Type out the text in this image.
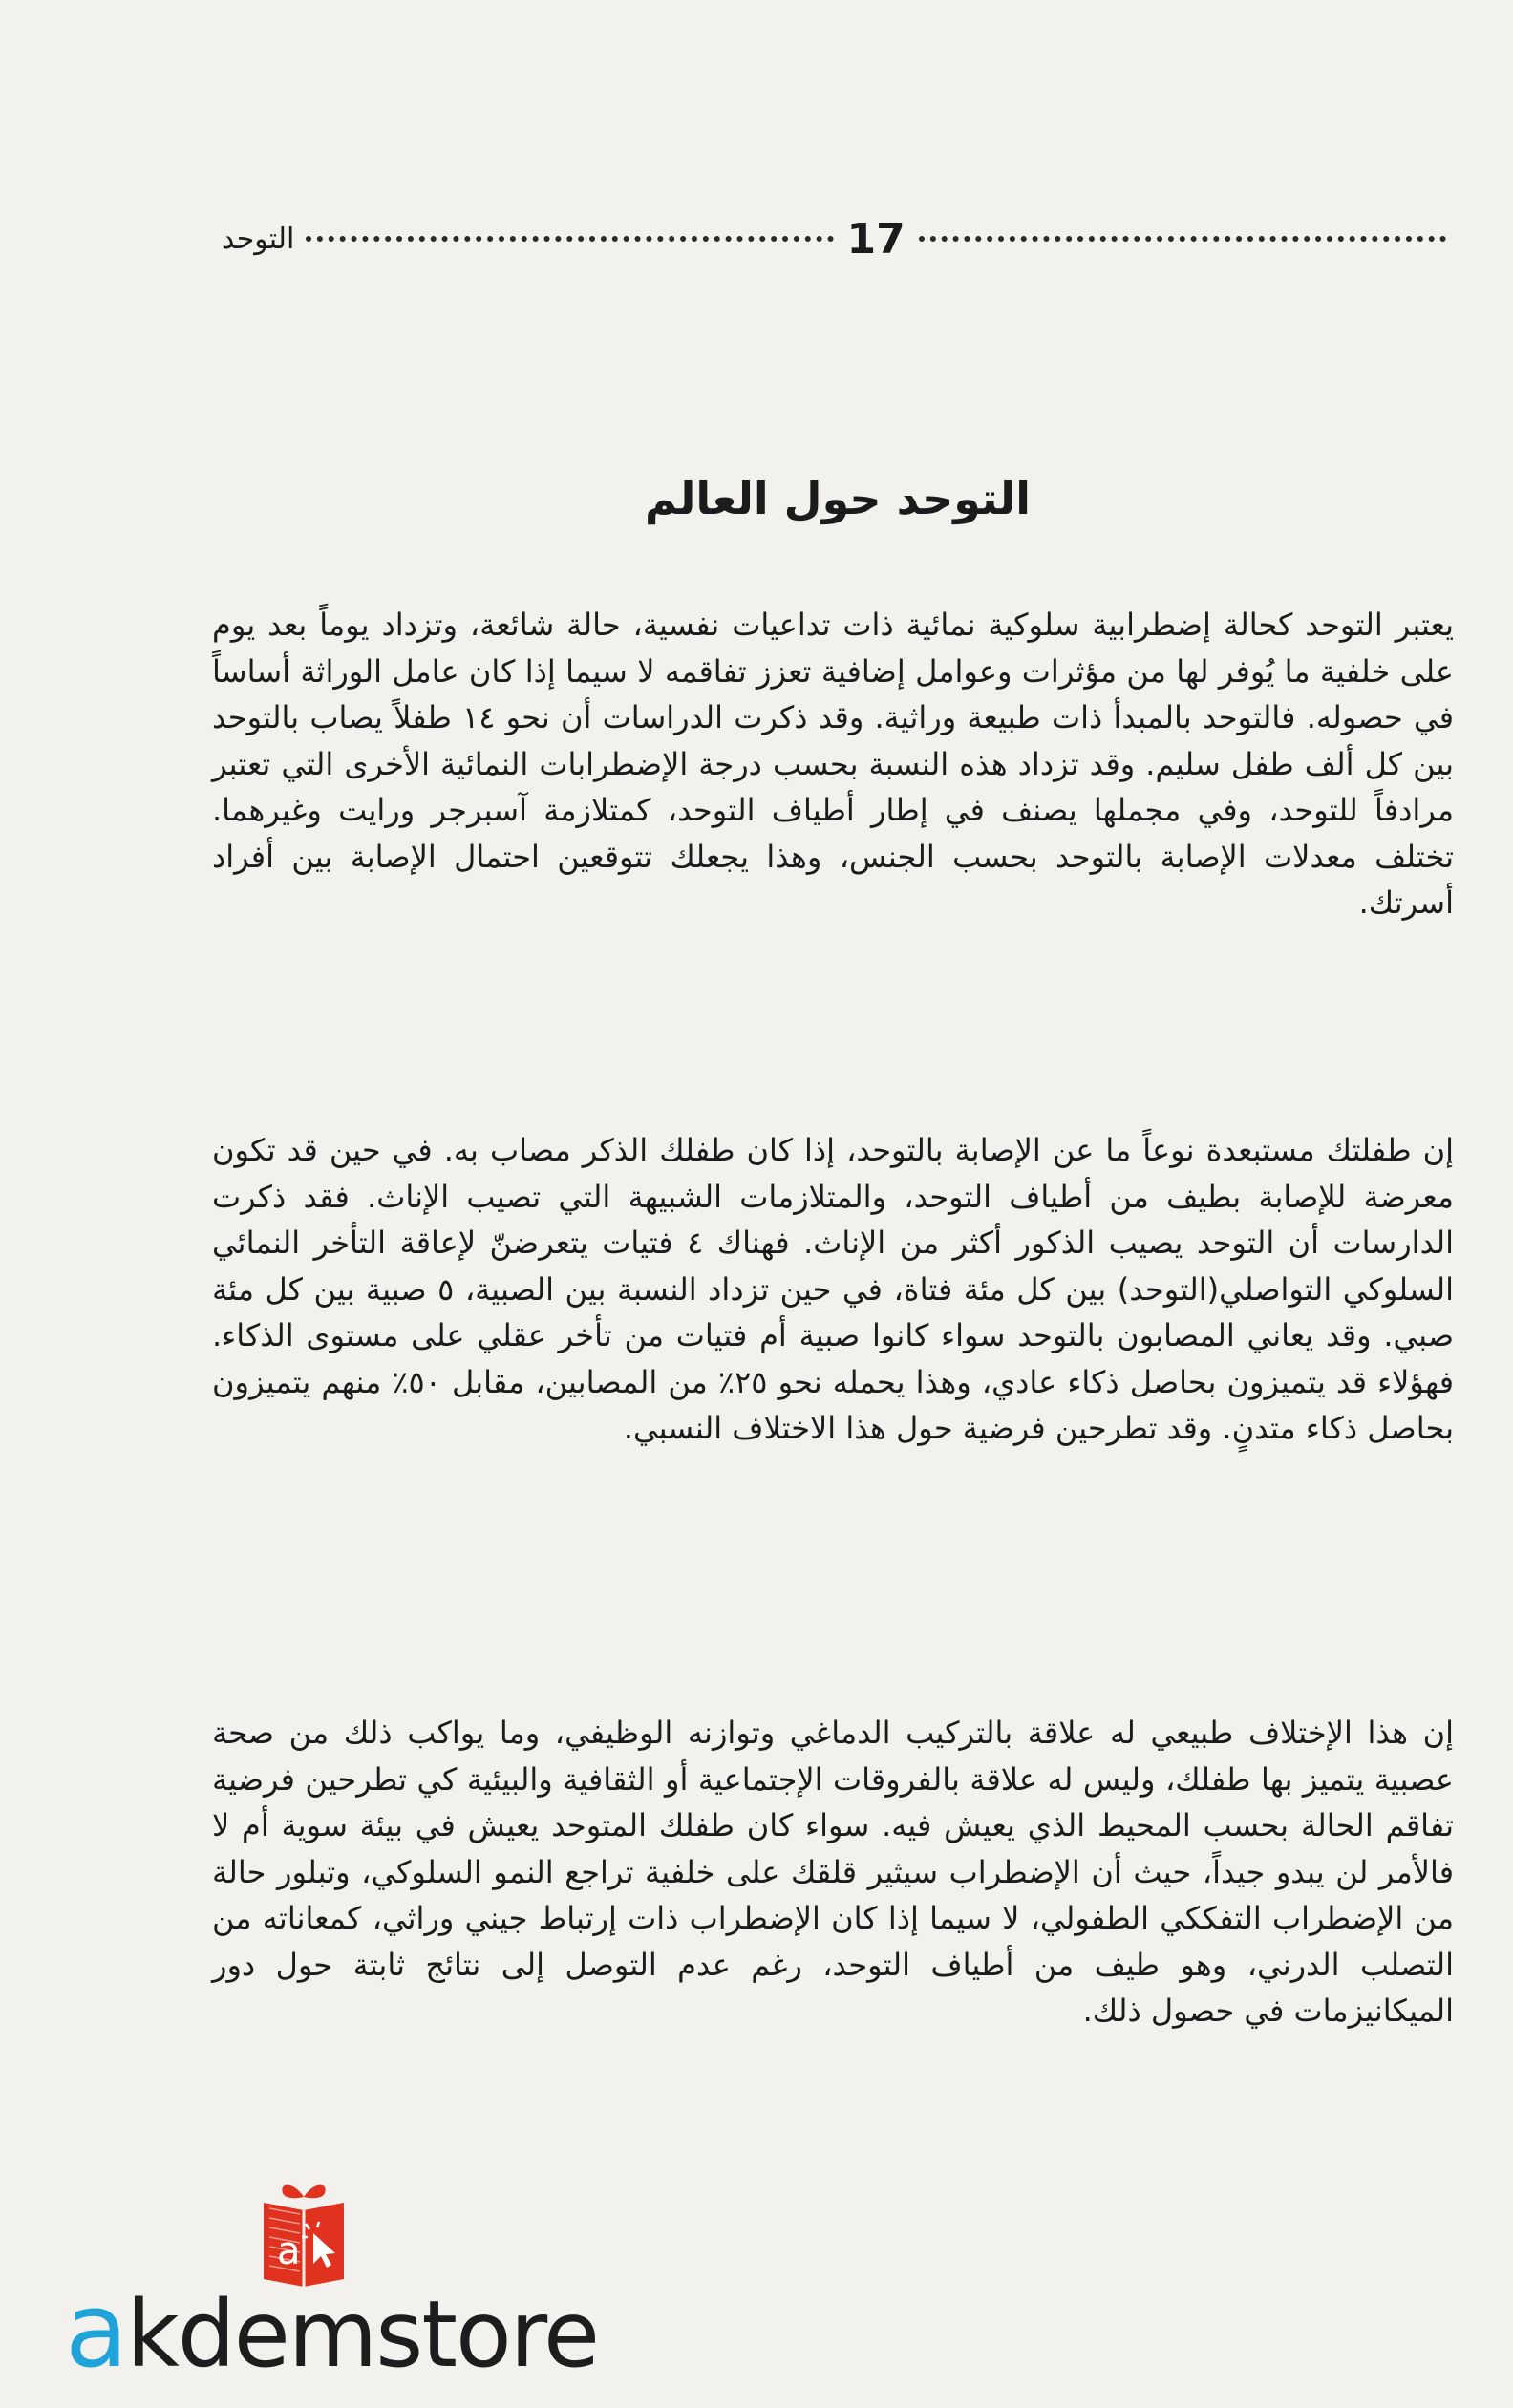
التوحد	17
التوحد حول العالم

يعتبر التوحد كحالة إضطرابية سلوكية نمائية ذات تداعيات نفسية، حالة شائعة، وتزداد يوماً بعد يوم على خلفية ما يُوفر لها من مؤثرات وعوامل إضافية تعزز تفاقمه لا سيما إذا كان عامل الوراثة أساساً في حصوله. فالتوحد بالمبدأ ذات طبيعة وراثية. وقد ذكرت الدراسات أن نحو ١٤ طفلاً يصاب بالتوحد بين كل ألف طفل سليم. وقد تزداد هذه النسبة بحسب درجة الإضطرابات النمائية الأخرى التي تعتبر مرادفاً للتوحد، وفي مجملها يصنف في إطار أطياف التوحد، كمتلازمة آسبرجر ورايت وغيرهما. تختلف معدلات الإصابة بالتوحد بحسب الجنس، وهذا يجعلك تتوقعين احتمال الإصابة بين أفراد أسرتك.

إن طفلتك مستبعدة نوعاً ما عن الإصابة بالتوحد، إذا كان طفلك الذكر مصاب به. في حين قد تكون معرضة للإصابة بطيف من أطياف التوحد، والمتلازمات الشبيهة التي تصيب الإناث. فقد ذكرت الدارسات أن التوحد يصيب الذكور أكثر من الإناث. فهناك ٤ فتيات يتعرضنّ لإعاقة التأخر النمائي السلوكي التواصلي(التوحد) بين كل مئة فتاة، في حين تزداد النسبة بين الصبية، ٥ صبية بين كل مئة صبي. وقد يعاني المصابون بالتوحد سواء كانوا صبية أم فتيات من تأخر عقلي على مستوى الذكاء. فهؤلاء قد يتميزون بحاصل ذكاء عادي، وهذا يحمله نحو ٢٥٪ من المصابين، مقابل ٥٠٪ منهم يتميزون بحاصل ذكاء متدنٍ. وقد تطرحين فرضية حول هذا الاختلاف النسبي.

إن هذا الإختلاف طبيعي له علاقة بالتركيب الدماغي وتوازنه الوظيفي، وما يواكب ذلك من صحة عصبية يتميز بها طفلك، وليس له علاقة بالفروقات الإجتماعية أو الثقافية والبيئية كي تطرحين فرضية تفاقم الحالة بحسب المحيط الذي يعيش فيه. سواء كان طفلك المتوحد يعيش في بيئة سوية أم لا فالأمر لن يبدو جيداً، حيث أن الإضطراب سيثير قلقك على خلفية تراجع النمو السلوكي، وتبلور حالة من الإضطراب التفككي الطفولي، لا سيما إذا كان الإضطراب ذات إرتباط جيني وراثي، كمعاناته من التصلب الدرني، وهو طيف من أطياف التوحد، رغم عدم التوصل إلى نتائج ثابتة حول دور الميكانيزمات في حصول ذلك.

a
a kdemstore
